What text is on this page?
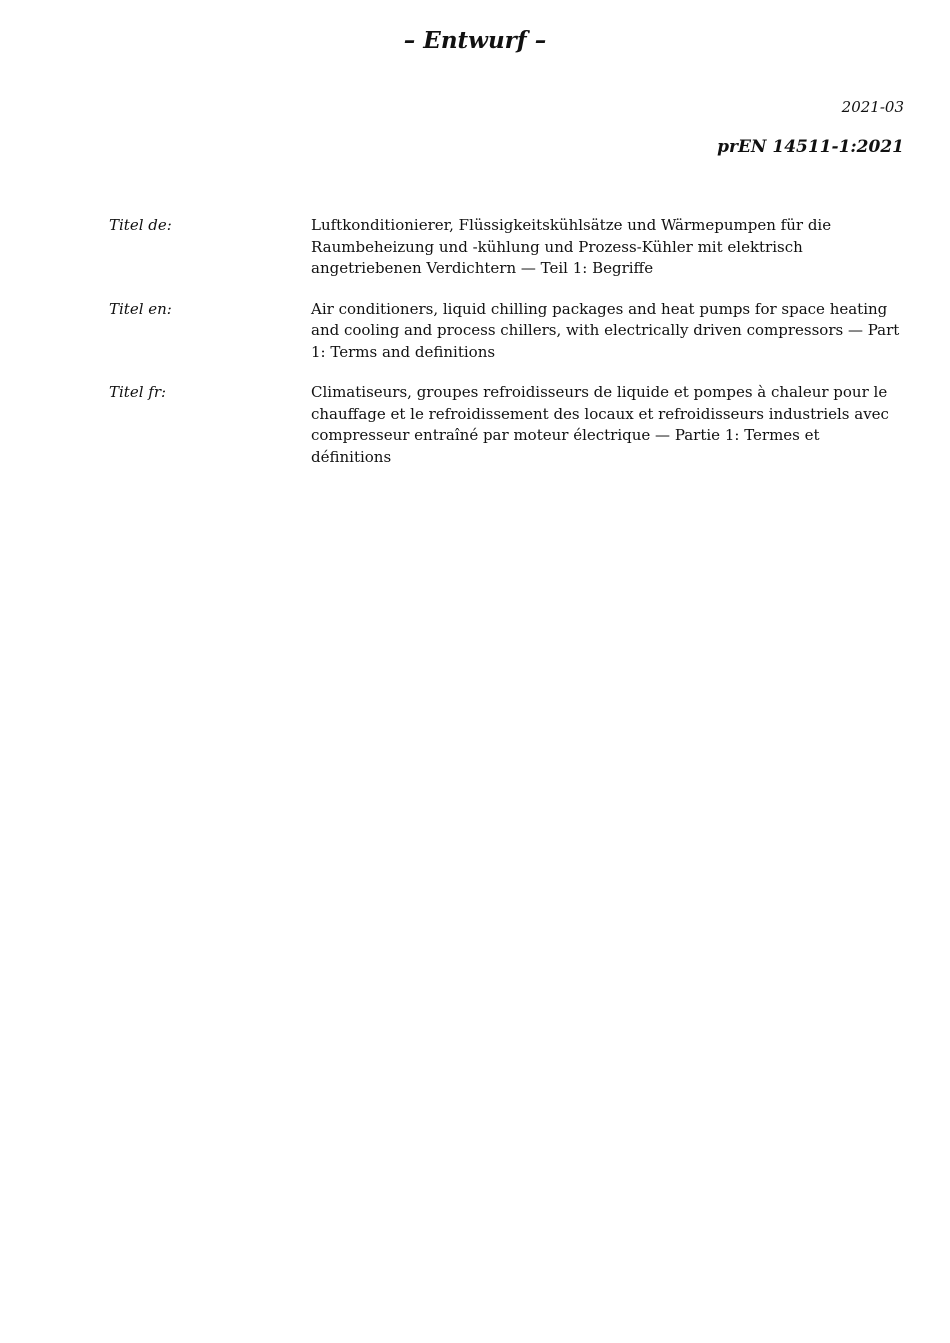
– Entwurf –
2021-03
prEN 14511-1:2021
Titel de:	Luftkonditionierer, Flüssigkeitskühlsätze und Wärmepumpen für die Raumbeheizung und -kühlung und Prozess-Kühler mit elektrisch angetriebenen Verdichtern — Teil 1: Begriffe
Titel en:	Air conditioners, liquid chilling packages and heat pumps for space heating and cooling and process chillers, with electrically driven compressors — Part 1: Terms and definitions
Titel fr:	Climatiseurs, groupes refroidisseurs de liquide et pompes à chaleur pour le chauffage et le refroidissement des locaux et refroidisseurs industriels avec compresseur entraîné par moteur électrique — Partie 1: Termes et définitions
